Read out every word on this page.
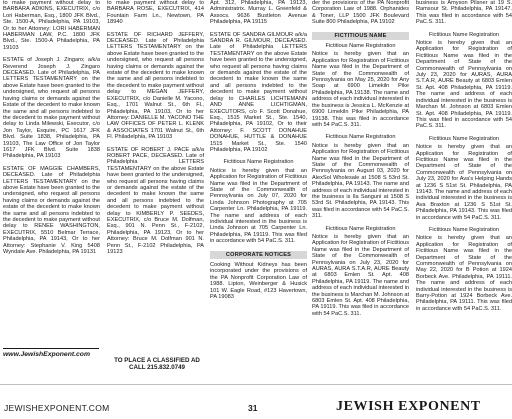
to make payment without delay to BARBARA ADKINS, EXECUTRIX, c/o Lori Haberman, Esq., 1800 JFK Blvd., Ste. 1500-A, Philadelphia, PA 19103, Or to her Attorney: LORI HABERMAN HABERMAN LAW, P.C. 1800 JFK Blvd., Ste. 1500-A Philadelphia, PA 19103
ESTATE of Joseph J. Zingaro; a/k/a Reverend Joseph J. Zingaro DECEASED. Late of Philadelphia, PA LETTERS TESTAMENTARY on the above Estate have been granted to the undersigned, who request all persons having claims or demands against the Estate of the decedent to make known the same and all persons indebted to the decedent to make payment without delay to Linda Milewski, Executor, c/o Jon Taylor, Esquire, PC 1617 JFK Blvd. Suite 1838, Philadelphia, PA 19103, The Law Office of Jon Taylor 1617 JFK Blvd. Suite 1838 Philadelphia, PA 19103
ESTATE OF MAGGIE CHAMBERS, DECEASED. Late of Philadelphia LETTERS TESTAMENTARY on the above Estate have been granted to the undersigned, who request all persons having claims or demands against the estate of the decedent to make known the same and all persons indebted to the decedent to make payment without delay to RENEE WASHINGTON, EXECUTRIX, 5510 Belmar Terrace, Philadelphia, PA 19143, Or to her Attorney: Stephanie V. King 5408 Wyndale Ave. Philadelphia, PA 19131
www.JewishExponent.com
to make payment without delay to BARBARA ROSE, EXECUTRIX, 414 Fountain Farm Ln., Newtown, PA 18940
ESTATE OF RICHARD JEFFERY, DECEASED. Late of Philadelphia LETTERS TESTAMENTARY on the above Estate have been granted to the undersigned, who request all persons having claims or demands against the estate of the decedent to make known the same and all persons indebted to the decedent to make payment without delay to MEGAN JEFFERY, EXECUTRIX, c/o Danielle M. Yacono, Esq., 1701 Walnut St., 6th Fl., Philadelphia, PA 19103, Or to her Attorney: DANIELLE M. YACONO THE LAW OFFICES OF PETER L. KLENK & ASSOCIATES 1701 Walnut St., 6th Fl. Philadelphia, PA 19103
ESTATE OF ROBERT J. PACE a/k/a ROBERT PACE, DECEASED. Late of Philadelphia LETTERS TESTAMENTARY on the above Estate have been granted to the undersigned, who request all persons having claims or demands against the estate of the decedent to make known the same and all persons indebted to the decedent to make payment without delay to KIMBERLY P. SEEDES, EXECUTRIX, c/o Bruce M. Dolfman, Esq., 901 N. Penn St., F-2102, Philadelphia, PA 19123, Or to her Attorney: Bruce M. Dolfman 901 N. Penn St., F-2102 Philadelphia, PA 19123
TO PLACE A CLASSIFIED AD CALL 215.832.0749
Apt. 312, Philadelphia, PA 19123, Administratrix. Murray L. Greenfeld & Assocs. 9636 Bustleton Avenue Philadelphia, PA 19115
ESTATE OF SANDRA GILMOUR a/k/a SANDRA R. GILMOUR, DECEASED. Late of Philadelphia LETTERS TESTAMENTARY on the above Estate have been granted to the undersigned, who request all persons having claims or demands against the estate of the decedent to make known the same and all persons indebted to the decedent to make payment without delay to CHARLES LICHTEMANN AND ANNE LICHTIGMAN, EXECUTORS, c/o F. Scott Donahue, Esq., 1515 Market St., Ste. 1540, Philadelphia, PA 19102, Or to their Attorney: F. SCOTT DONAHUE DONAHUE, HUTTLE & DONAHUE 1515 Market St., Ste. 1540 Philadelphia, PA 19102
Fictitious Name Registration
Notice is hereby given that an Application for Registration of Fictitious Name was filed in the Department of State of the Commonwealth of Pennsylvania on July 07, 2020 for Linda Johnson Photography at 705 Carpenter Ln. Philadelphia, PA 19119. The name and address of each individual interested in the business is Linda Johnson at 705 Carpenter Ln. Philadelphia, PA 19119. This was filed in accordance with 54 PaC.S. 311.
CORPORATE NOTICES
Cooking Without Kidneys has been incorporated under the provisions of the PA Nonprofit Corporation Law of 1988. Lipton, Weinberger & Husick 101 W. Eagle Road, #123 Havertown, PA 19083
der the provisions of the PA Nonprofit Corporation Law of 1988. Orphanides & Toner, LLP 1500 JFK Boulevard Suite 800 Philadelphia, PA 19102
FICTITIOUS NAME
Fictitious Name Registration
Notice is hereby given that an Application for Registration of Fictitious Name was filed in the Department of State of the Commonwealth of Pennsylvania on May 25, 2020 for Any Soap at 6900 Limekiln Pike Philadelphia, PA 19138. The name and address of each individual interested in the business is Jessica L. McKenzie at 6900 Limekiln Pike Philadelphia, PA 19138. This was filed in accordance with 54 PaC.S. 311.
Fictitious Name Registration
Notice is hereby given that an Application for Registration of Fictitious Name was filed in the Department of State of the Commonwealth of Pennsylvania on August 03, 2020 for AlexSol Wholesale at 1508 S 53rd St. Philadelphia, PA 19143. The name and address of each individual interested in the business is Ila Sanguni at 1508 S 53rd St. Philadelphia, PA 19143. This was filed in accordance with 54 PaC.S. 311.
Fictitious Name Registration
Notice is hereby given that an Application for Registration of Fictitious Name was filed in the Department of State of the Commonwealth of Pennsylvania on July 23, 2020 for AURAS, AURA S.T.A.R, AURE Beauty at 6803 Emlen St. Apt. 408 Philadelphia, PA 19119. The name and address of each individual interested in the business is Marchan M. Johnson at 6803 Emlen St. Apt. 408 Philadelphia, PA 19119. This was filed in accordance with 54 PaC.S. 311.
business is Amyson Pilsner at 19 S. Ramsour St. Philadelphia, PA 19147. This was filed in accordance with 54 PaC.S. 311.
Fictitious Name Registration
Notice is hereby given that an Application for Registration of Fictitious Name was filed in the Department of State of the Commonwealth of Pennsylvania on July 23, 2020 for AURAS, AURA S.T.A.R, AURE Beauty at 6803 Emlen St. Apt. 408 Philadelphia, PA 19119. The name and address of each individual interested in the business is Marchan M. Johnson at 6803 Emlen St. Apt. 408 Philadelphia, PA 19119. This was filed in accordance with 54 PaC.S. 311.
Fictitious Name Registration
Notice is hereby given that an Application for Registration of Fictitious Name was filed in the Department of State of the Commonwealth of Pennsylvania on July 23, 2020 for Ava's Helping Hands at 1236 S 51st St. Philadelphia, PA 19143. The name and address of each individual interested in the business is Ava Braxton at 1236 S 51st St. Philadelphia, PA 19143. This was filed in accordance with 54 PaC.S. 311.
Fictitious Name Registration
Notice is hereby given that an Application for Registration of Fictitious Name was filed in the Department of State of the Commonwealth of Pennsylvania on May 22, 2020 for B Potion at 1924 Borbeck Ave. Philadelphia, PA 19111. The name and address of each individual interested in the business is Barry-Potion at 1924 Borbeck Ave. Philadelphia, PA 19111. This was filed in accordance with 54 PaC.S. 311.
JEWISHEXPONENT.COM	31	JEWISH EXPONENT
